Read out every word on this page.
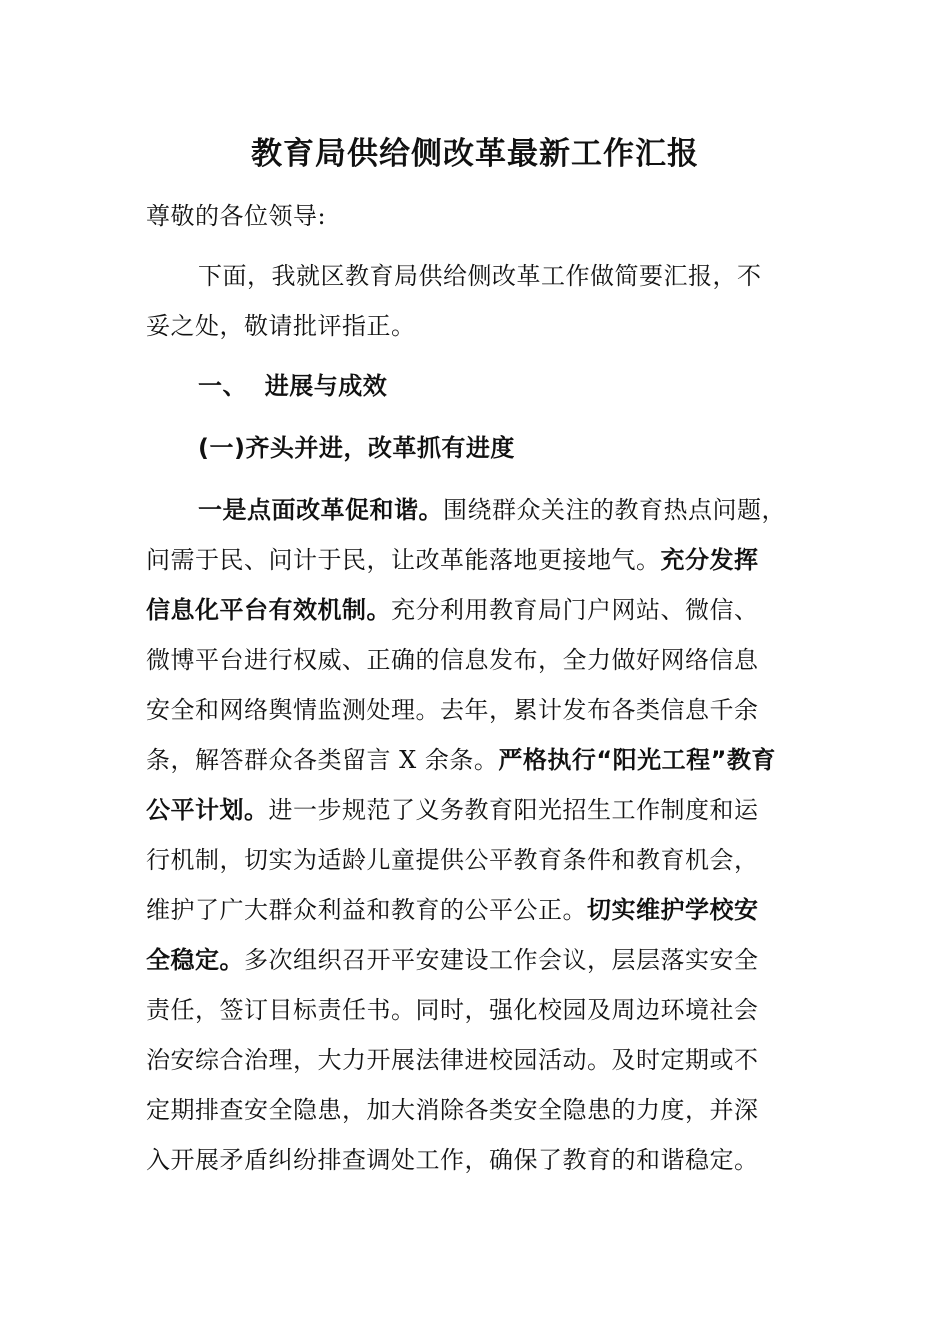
教育局供给侧改革最新工作汇报
尊敬的各位领导:
下面，我就区教育局供给侧改革工作做简要汇报，不
妥之处，敬请批评指正。
一、  进展与成效
(一)齐头并进，改革抓有进度
一是点面改革促和谐。围绕群众关注的教育热点问题，
问需于民、问计于民，让改革能落地更接地气。充分发挥
信息化平台有效机制。充分利用教育局门户网站、微信、
微博平台进行权威、正确的信息发布，全力做好网络信息
安全和网络舆情监测处理。去年，累计发布各类信息千余
条，解答群众各类留言 X 余条。严格执行“阳光工程”教育
公平计划。进一步规范了义务教育阳光招生工作制度和运
行机制，切实为适龄儿童提供公平教育条件和教育机会，
维护了广大群众利益和教育的公平公正。切实维护学校安
全稳定。多次组织召开平安建设工作会议，层层落实安全
责任，签订目标责任书。同时，强化校园及周边环境社会
治安综合治理，大力开展法律进校园活动。及时定期或不
定期排查安全隐患，加大消除各类安全隐患的力度，并深
入开展矛盾纠纷排查调处工作，确保了教育的和谐稳定。
